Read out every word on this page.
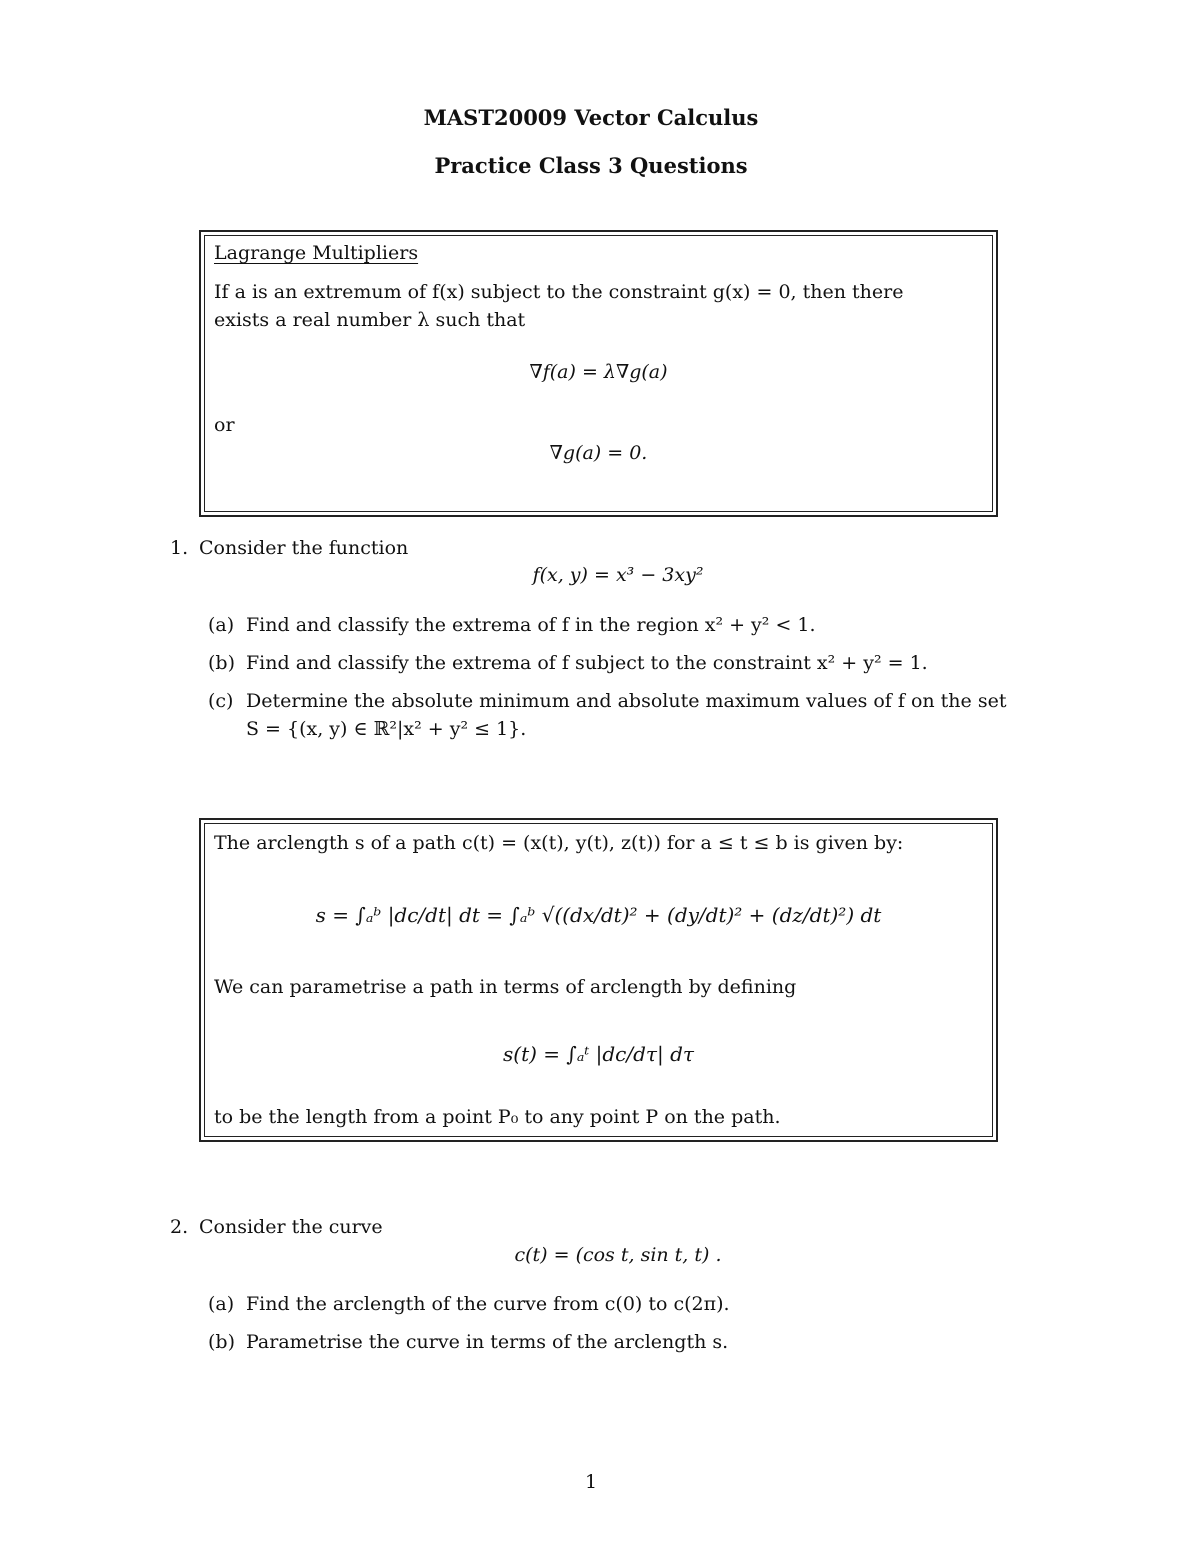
MAST20009 Vector Calculus
Practice Class 3 Questions
Lagrange Multipliers
If a is an extremum of f(x) subject to the constraint g(x) = 0, then there
exists a real number λ such that
∇f(a) = λ∇g(a)
or
∇g(a) = 0.
1. Consider the function
f(x, y) = x³ − 3xy²
(a) Find and classify the extrema of f in the region x² + y² < 1.
(b) Find and classify the extrema of f subject to the constraint x² + y² = 1.
(c) Determine the absolute minimum and absolute maximum values of f on the set
S = {(x, y) ∈ ℝ²|x² + y² ≤ 1}.
The arclength s of a path c(t) = (x(t), y(t), z(t)) for a ≤ t ≤ b is given by:
s = ∫ₐᵇ |dc/dt| dt = ∫ₐᵇ √((dx/dt)² + (dy/dt)² + (dz/dt)²) dt
We can parametrise a path in terms of arclength by defining
s(t) = ∫ₐᵗ |dc/dτ| dτ
to be the length from a point P₀ to any point P on the path.
2. Consider the curve
c(t) = (cos t, sin t, t) .
(a) Find the arclength of the curve from c(0) to c(2π).
(b) Parametrise the curve in terms of the arclength s.
1
